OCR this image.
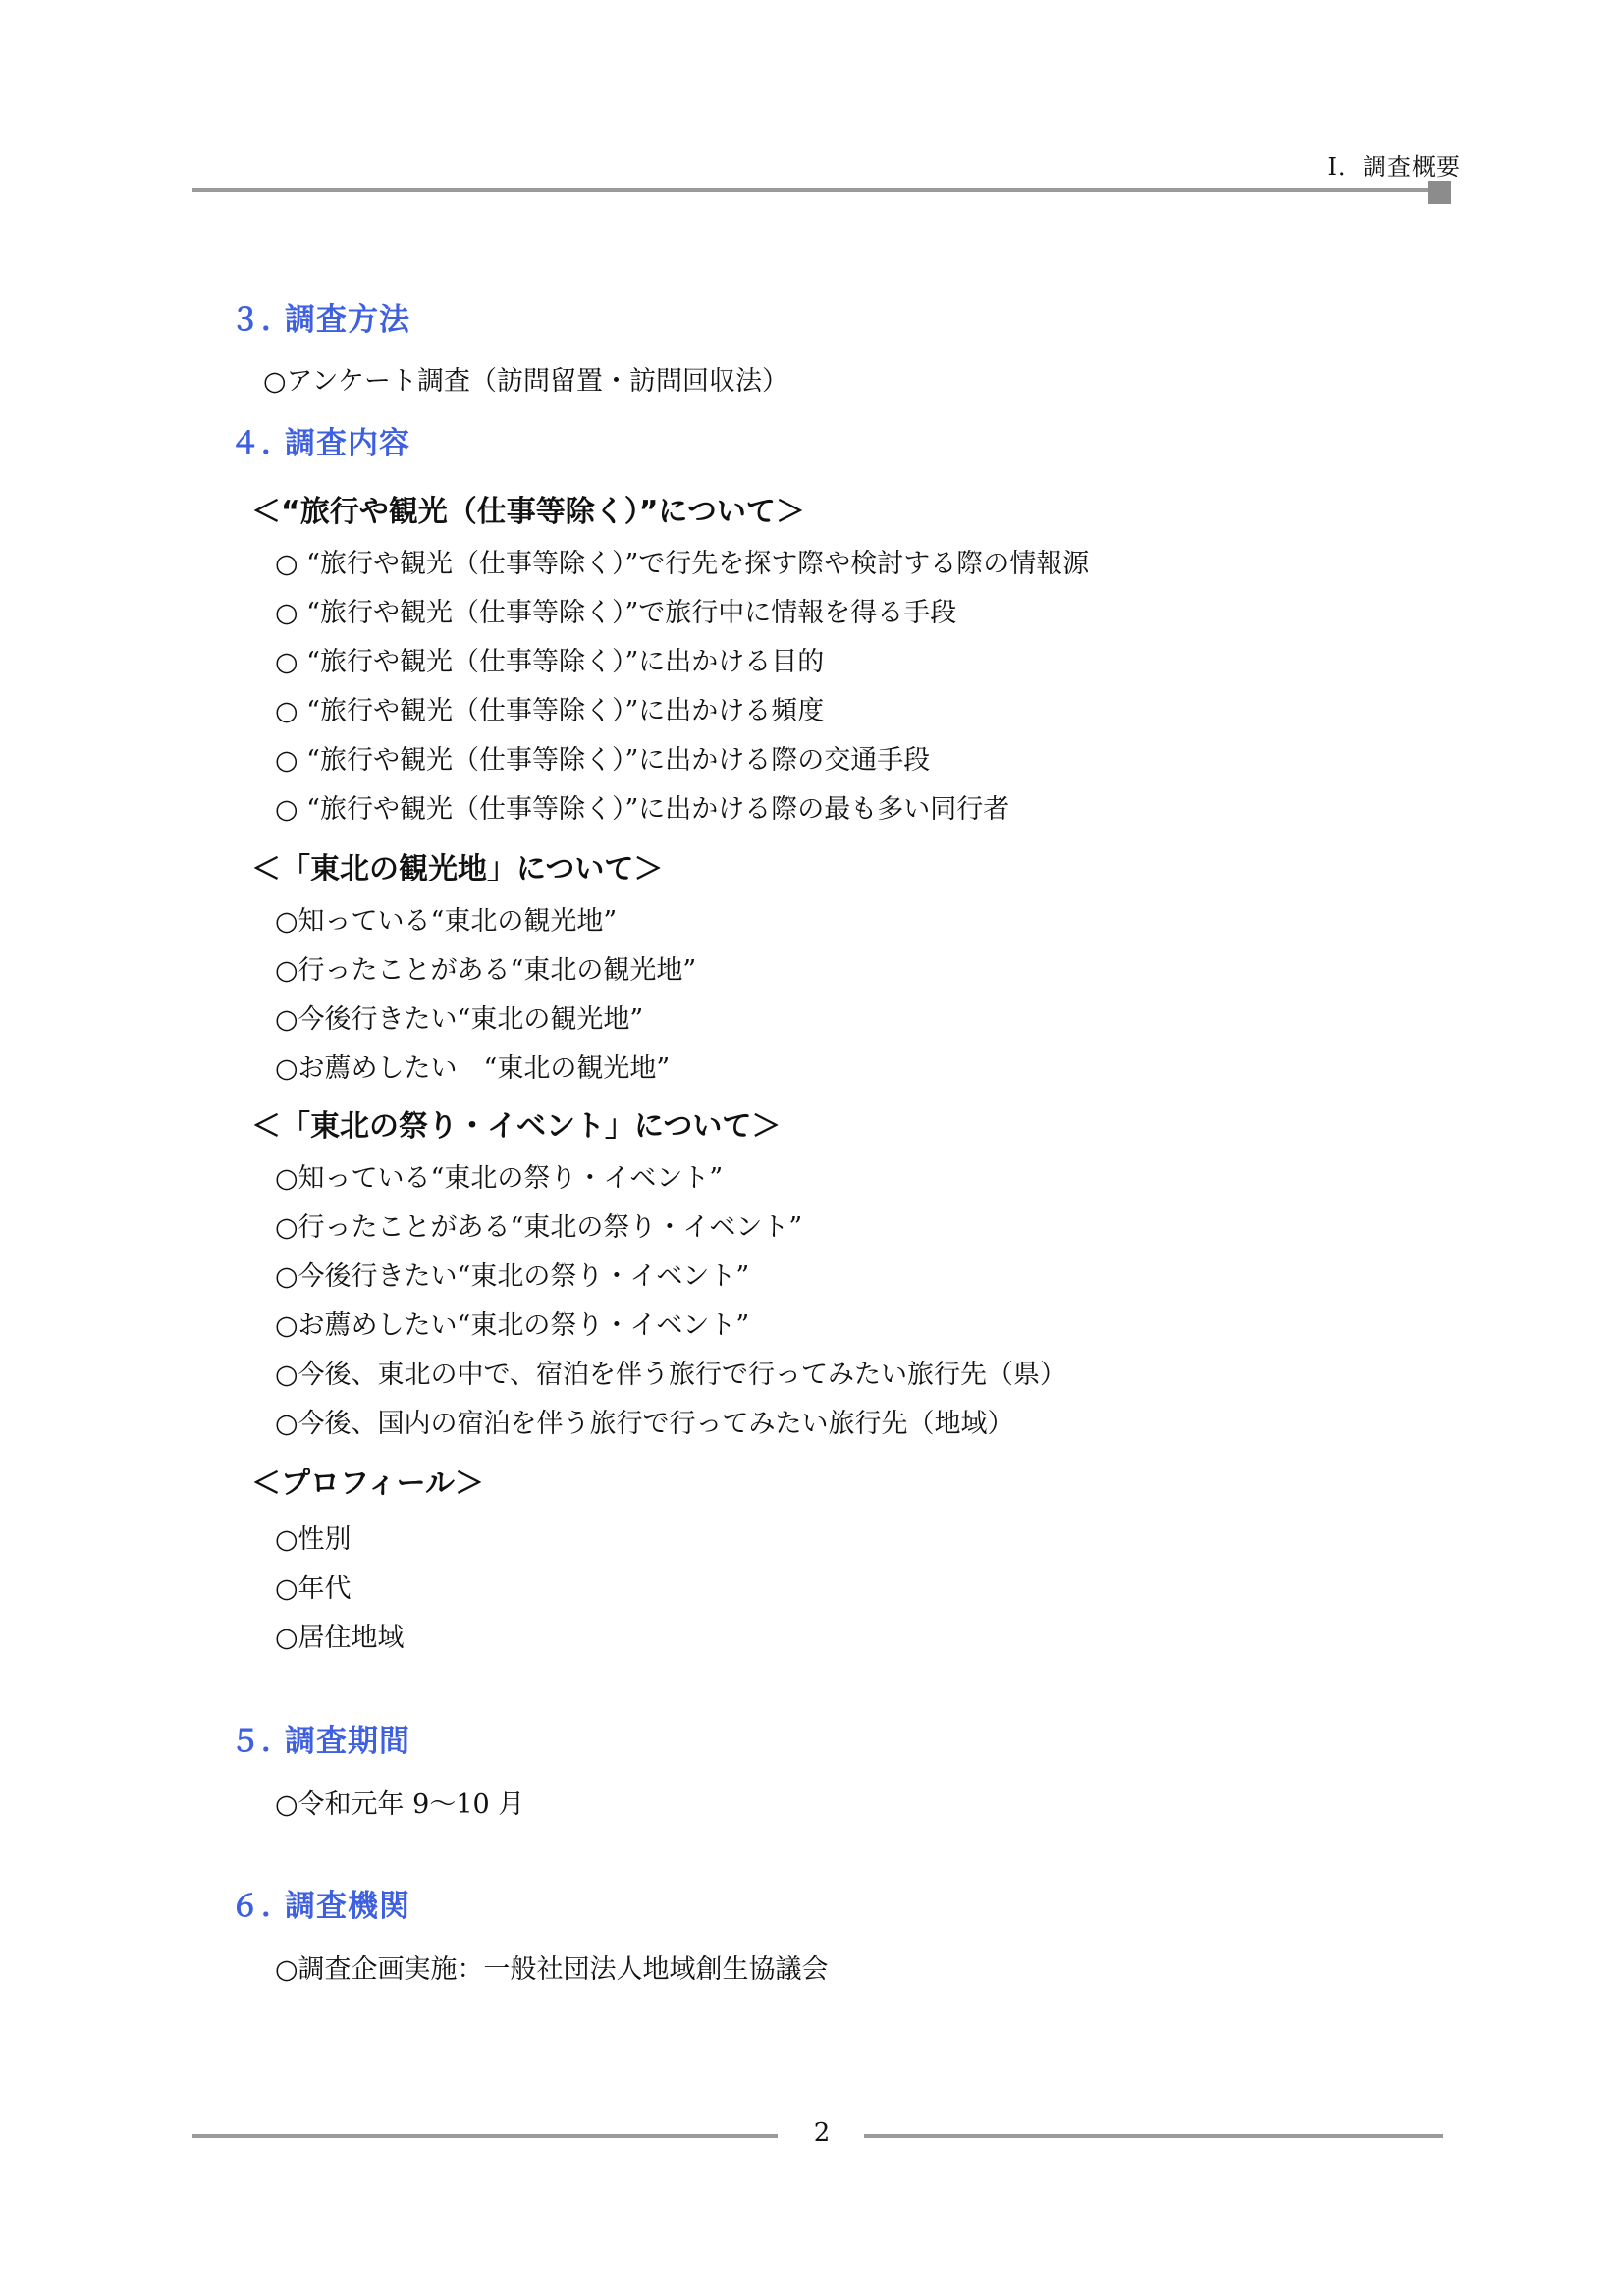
Ⅰ．調査概要
３．調査方法
○アンケート調査（訪問留置・訪問回収法）
４．調査内容
＜“旅行や観光（仕事等除く）”について＞
○ “旅行や観光（仕事等除く）”で行先を探す際や検討する際の情報源
○ “旅行や観光（仕事等除く）”で旅行中に情報を得る手段
○ “旅行や観光（仕事等除く）”に出かける目的
○ “旅行や観光（仕事等除く）”に出かける頻度
○ “旅行や観光（仕事等除く）”に出かける際の交通手段
○ “旅行や観光（仕事等除く）”に出かける際の最も多い同行者
＜「東北の観光地」について＞
○知っている“東北の観光地”
○行ったことがある“東北の観光地”
○今後行きたい“東北の観光地”
○お薦めしたい　“東北の観光地”
＜「東北の祭り・イベント」について＞
○知っている“東北の祭り・イベント”
○行ったことがある“東北の祭り・イベント”
○今後行きたい“東北の祭り・イベント”
○お薦めしたい“東北の祭り・イベント”
○今後、東北の中で、宿泊を伴う旅行で行ってみたい旅行先（県）
○今後、国内の宿泊を伴う旅行で行ってみたい旅行先（地域）
＜プロフィール＞
○性別
○年代
○居住地域
５．調査期間
○令和元年 9～10 月
６．調査機関
○調査企画実施：一般社団法人地域創生協議会
2
